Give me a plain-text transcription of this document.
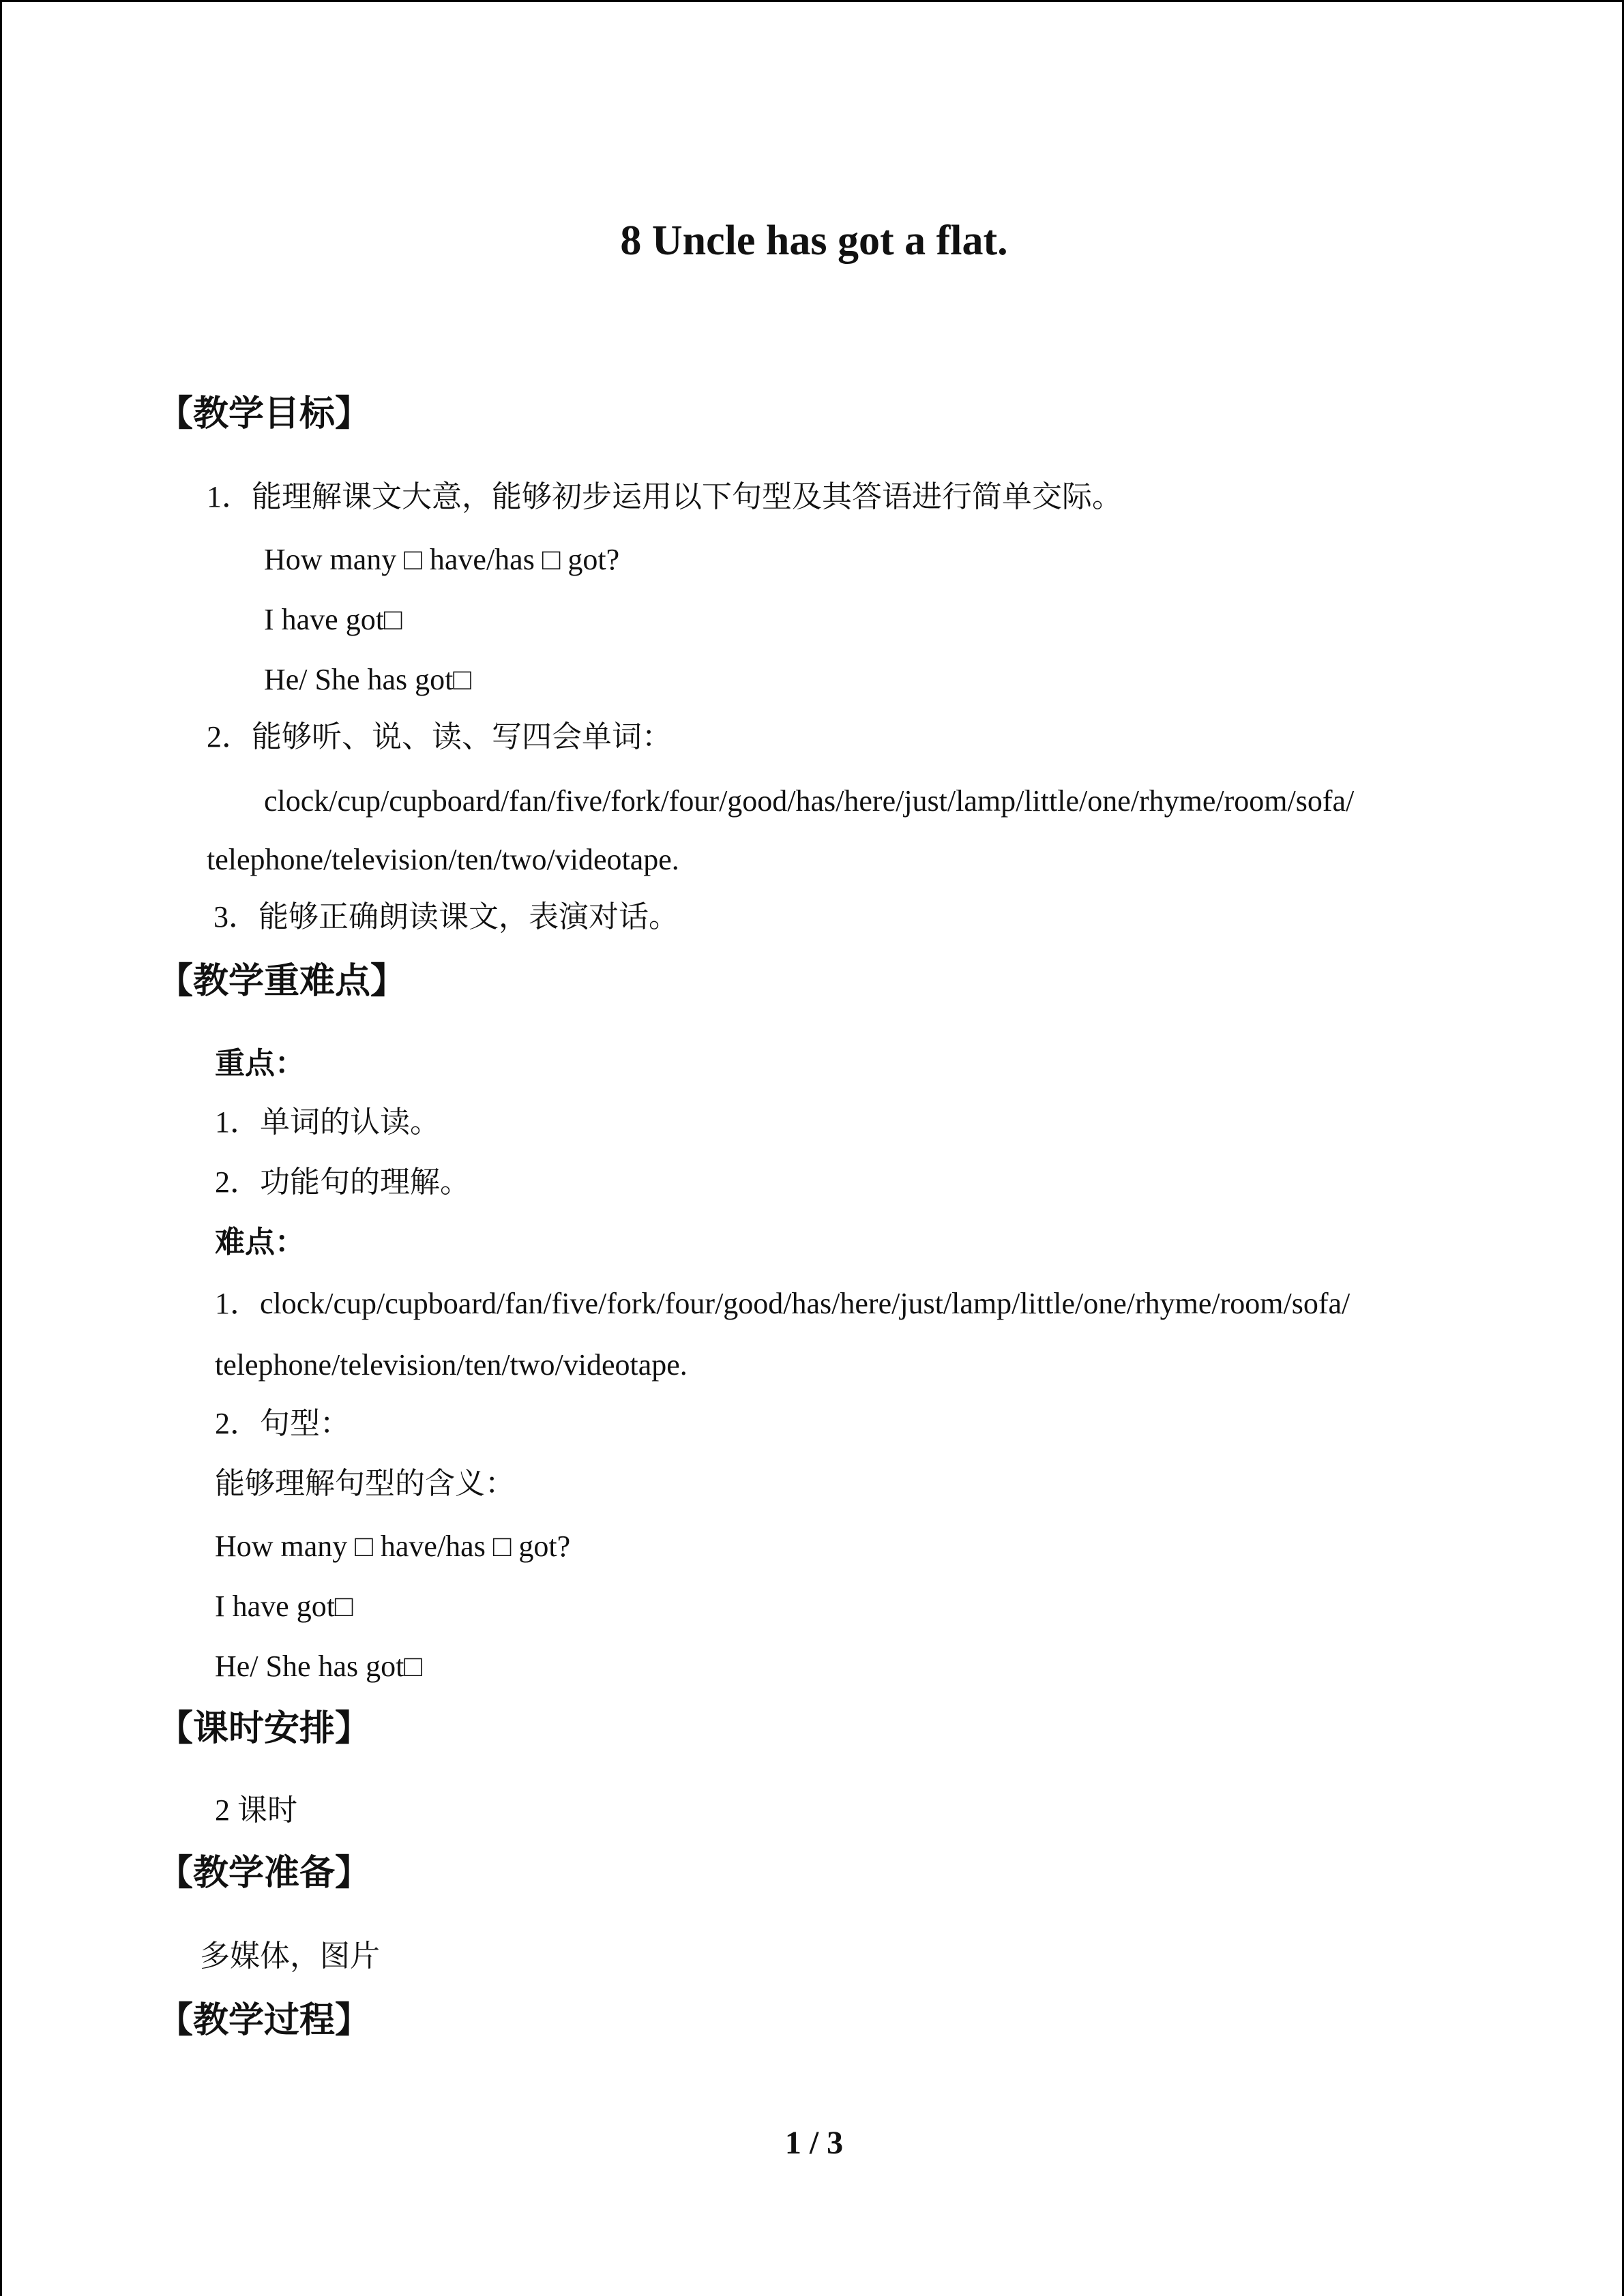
8 Uncle has got a flat.
【教学目标】
1．能理解课文大意，能够初步运用以下句型及其答语进行简单交际。
How many □ have/has □ got?
I have got□
He/ She has got□
2．能够听、说、读、写四会单词：
clock/cup/cupboard/fan/five/fork/four/good/has/here/just/lamp/little/one/rhyme/room/sofa/
telephone/television/ten/two/videotape.
3．能够正确朗读课文，表演对话。
【教学重难点】
重点：
1．单词的认读。
2．功能句的理解。
难点：
1．clock/cup/cupboard/fan/five/fork/four/good/has/here/just/lamp/little/one/rhyme/room/sofa/
telephone/television/ten/two/videotape.
2．句型：
能够理解句型的含义：
How many □ have/has □ got?
I have got□
He/ She has got□
【课时安排】
2 课时
【教学准备】
多媒体，图片
【教学过程】
1 / 3
